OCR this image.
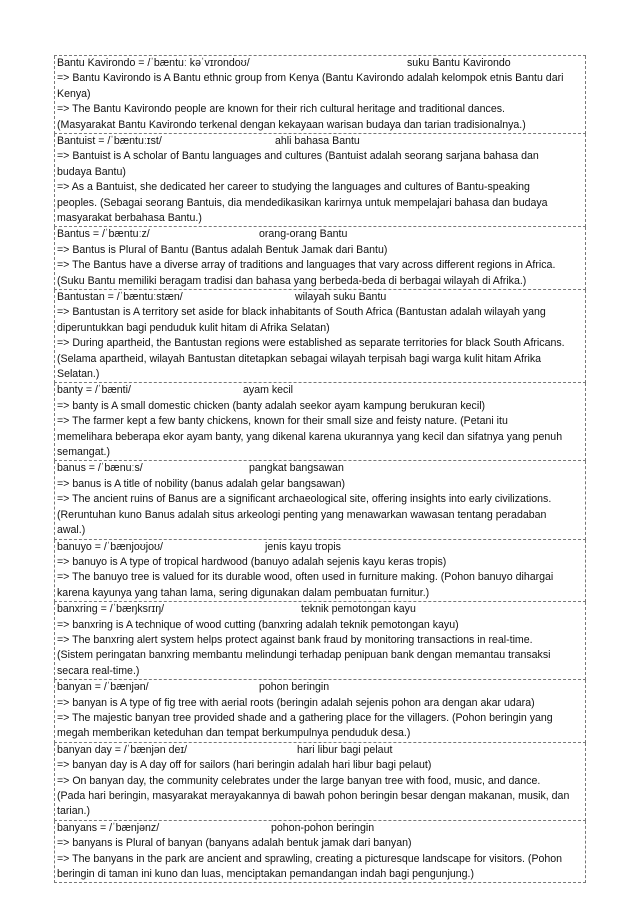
Bantu Kavirondo = /ˈbæntuː kəˈvɪrondoʊ/	suku Bantu Kavirondo
=> Bantu Kavirondo is A Bantu ethnic group from Kenya (Bantu Kavirondo adalah kelompok etnis Bantu dari
Kenya)
=> The Bantu Kavirondo people are known for their rich cultural heritage and traditional dances.
(Masyarakat Bantu Kavirondo terkenal dengan kekayaan warisan budaya dan tarian tradisionalnya.)
Bantuist = /ˈbæntuːɪst/	ahli bahasa Bantu
=> Bantuist is A scholar of Bantu languages and cultures (Bantuist adalah seorang sarjana bahasa dan
budaya Bantu)
=> As a Bantuist, she dedicated her career to studying the languages and cultures of Bantu-speaking
peoples. (Sebagai seorang Bantuis, dia mendedikasikan karirnya untuk mempelajari bahasa dan budaya
masyarakat berbahasa Bantu.)
Bantus = /ˈbæntuːz/	orang-orang Bantu
=> Bantus is Plural of Bantu (Bantus adalah Bentuk Jamak dari Bantu)
=> The Bantus have a diverse array of traditions and languages that vary across different regions in Africa.
(Suku Bantu memiliki beragam tradisi dan bahasa yang berbeda-beda di berbagai wilayah di Afrika.)
Bantustan = /ˈbæntuːstæn/	wilayah suku Bantu
=> Bantustan is A territory set aside for black inhabitants of South Africa (Bantustan adalah wilayah yang
diperuntukkan bagi penduduk kulit hitam di Afrika Selatan)
=> During apartheid, the Bantustan regions were established as separate territories for black South Africans.
(Selama apartheid, wilayah Bantustan ditetapkan sebagai wilayah terpisah bagi warga kulit hitam Afrika
Selatan.)
banty = /ˈbænti/	ayam kecil
=> banty is A small domestic chicken (banty adalah seekor ayam kampung berukuran kecil)
=> The farmer kept a few banty chickens, known for their small size and feisty nature. (Petani itu
memelihara beberapa ekor ayam banty, yang dikenal karena ukurannya yang kecil dan sifatnya yang penuh
semangat.)
banus = /ˈbænuːs/	pangkat bangsawan
=> banus is A title of nobility (banus adalah gelar bangsawan)
=> The ancient ruins of Banus are a significant archaeological site, offering insights into early civilizations.
(Reruntuhan kuno Banus adalah situs arkeologi penting yang menawarkan wawasan tentang peradaban
awal.)
banuyo = /ˈbænjoʊjoʊ/	jenis kayu tropis
=> banuyo is A type of tropical hardwood (banuyo adalah sejenis kayu keras tropis)
=> The banuyo tree is valued for its durable wood, often used in furniture making. (Pohon banuyo dihargai
karena kayunya yang tahan lama, sering digunakan dalam pembuatan furnitur.)
banxring = /ˈbæŋksrɪŋ/	teknik pemotongan kayu
=> banxring is A technique of wood cutting (banxring adalah teknik pemotongan kayu)
=> The banxring alert system helps protect against bank fraud by monitoring transactions in real-time.
(Sistem peringatan banxring membantu melindungi terhadap penipuan bank dengan memantau transaksi
secara real-time.)
banyan = /ˈbænjən/	pohon beringin
=> banyan is A type of fig tree with aerial roots (beringin adalah sejenis pohon ara dengan akar udara)
=> The majestic banyan tree provided shade and a gathering place for the villagers. (Pohon beringin yang
megah memberikan keteduhan dan tempat berkumpulnya penduduk desa.)
banyan day = /ˈbænjən deɪ/	hari libur bagi pelaut
=> banyan day is A day off for sailors (hari beringin adalah hari libur bagi pelaut)
=> On banyan day, the community celebrates under the large banyan tree with food, music, and dance.
(Pada hari beringin, masyarakat merayakannya di bawah pohon beringin besar dengan makanan, musik, dan
tarian.)
banyans = /ˈbænjənz/	pohon-pohon beringin
=> banyans is Plural of banyan (banyans adalah bentuk jamak dari banyan)
=> The banyans in the park are ancient and sprawling, creating a picturesque landscape for visitors. (Pohon
beringin di taman ini kuno dan luas, menciptakan pemandangan indah bagi pengunjung.)
